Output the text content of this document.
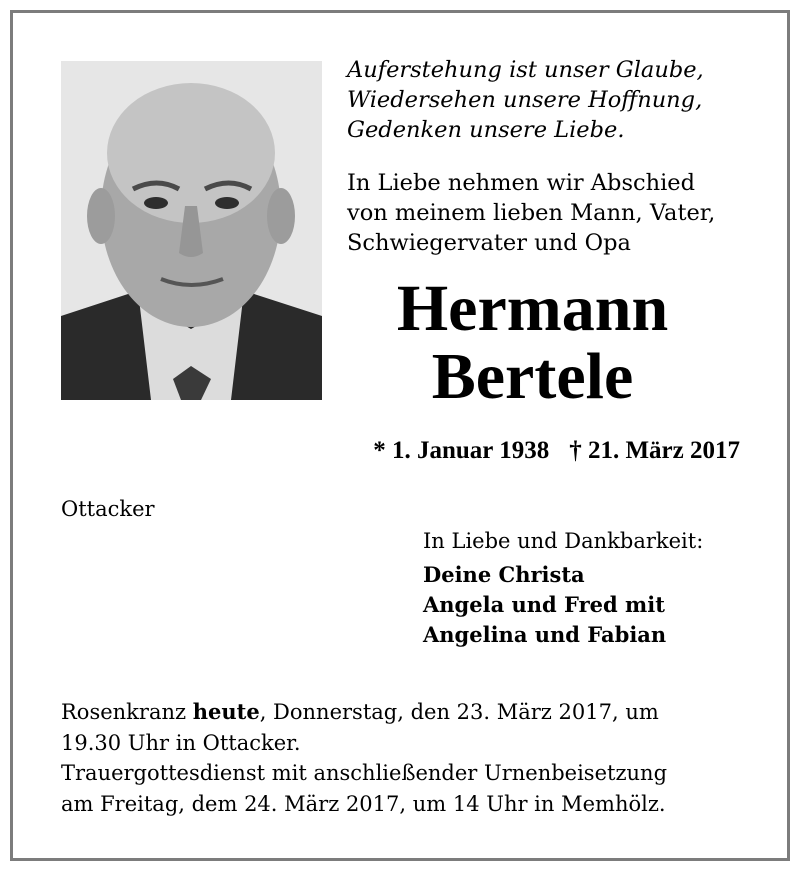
Auferstehung ist unser Glaube,
Wiedersehen unsere Hoffnung,
Gedenken unsere Liebe.
In Liebe nehmen wir Abschied
von meinem lieben Mann, Vater,
Schwiegervater und Opa
Hermann
Bertele
* 1. Januar 1938 † 21. März 2017
Ottacker
In Liebe und Dankbarkeit:
Deine Christa
Angela und Fred mit
Angelina und Fabian
Rosenkranz heute, Donnerstag, den 23. März 2017, um
19.30 Uhr in Ottacker.
Trauergottesdienst mit anschließender Urnenbeisetzung
am Freitag, dem 24. März 2017, um 14 Uhr in Memhölz.
